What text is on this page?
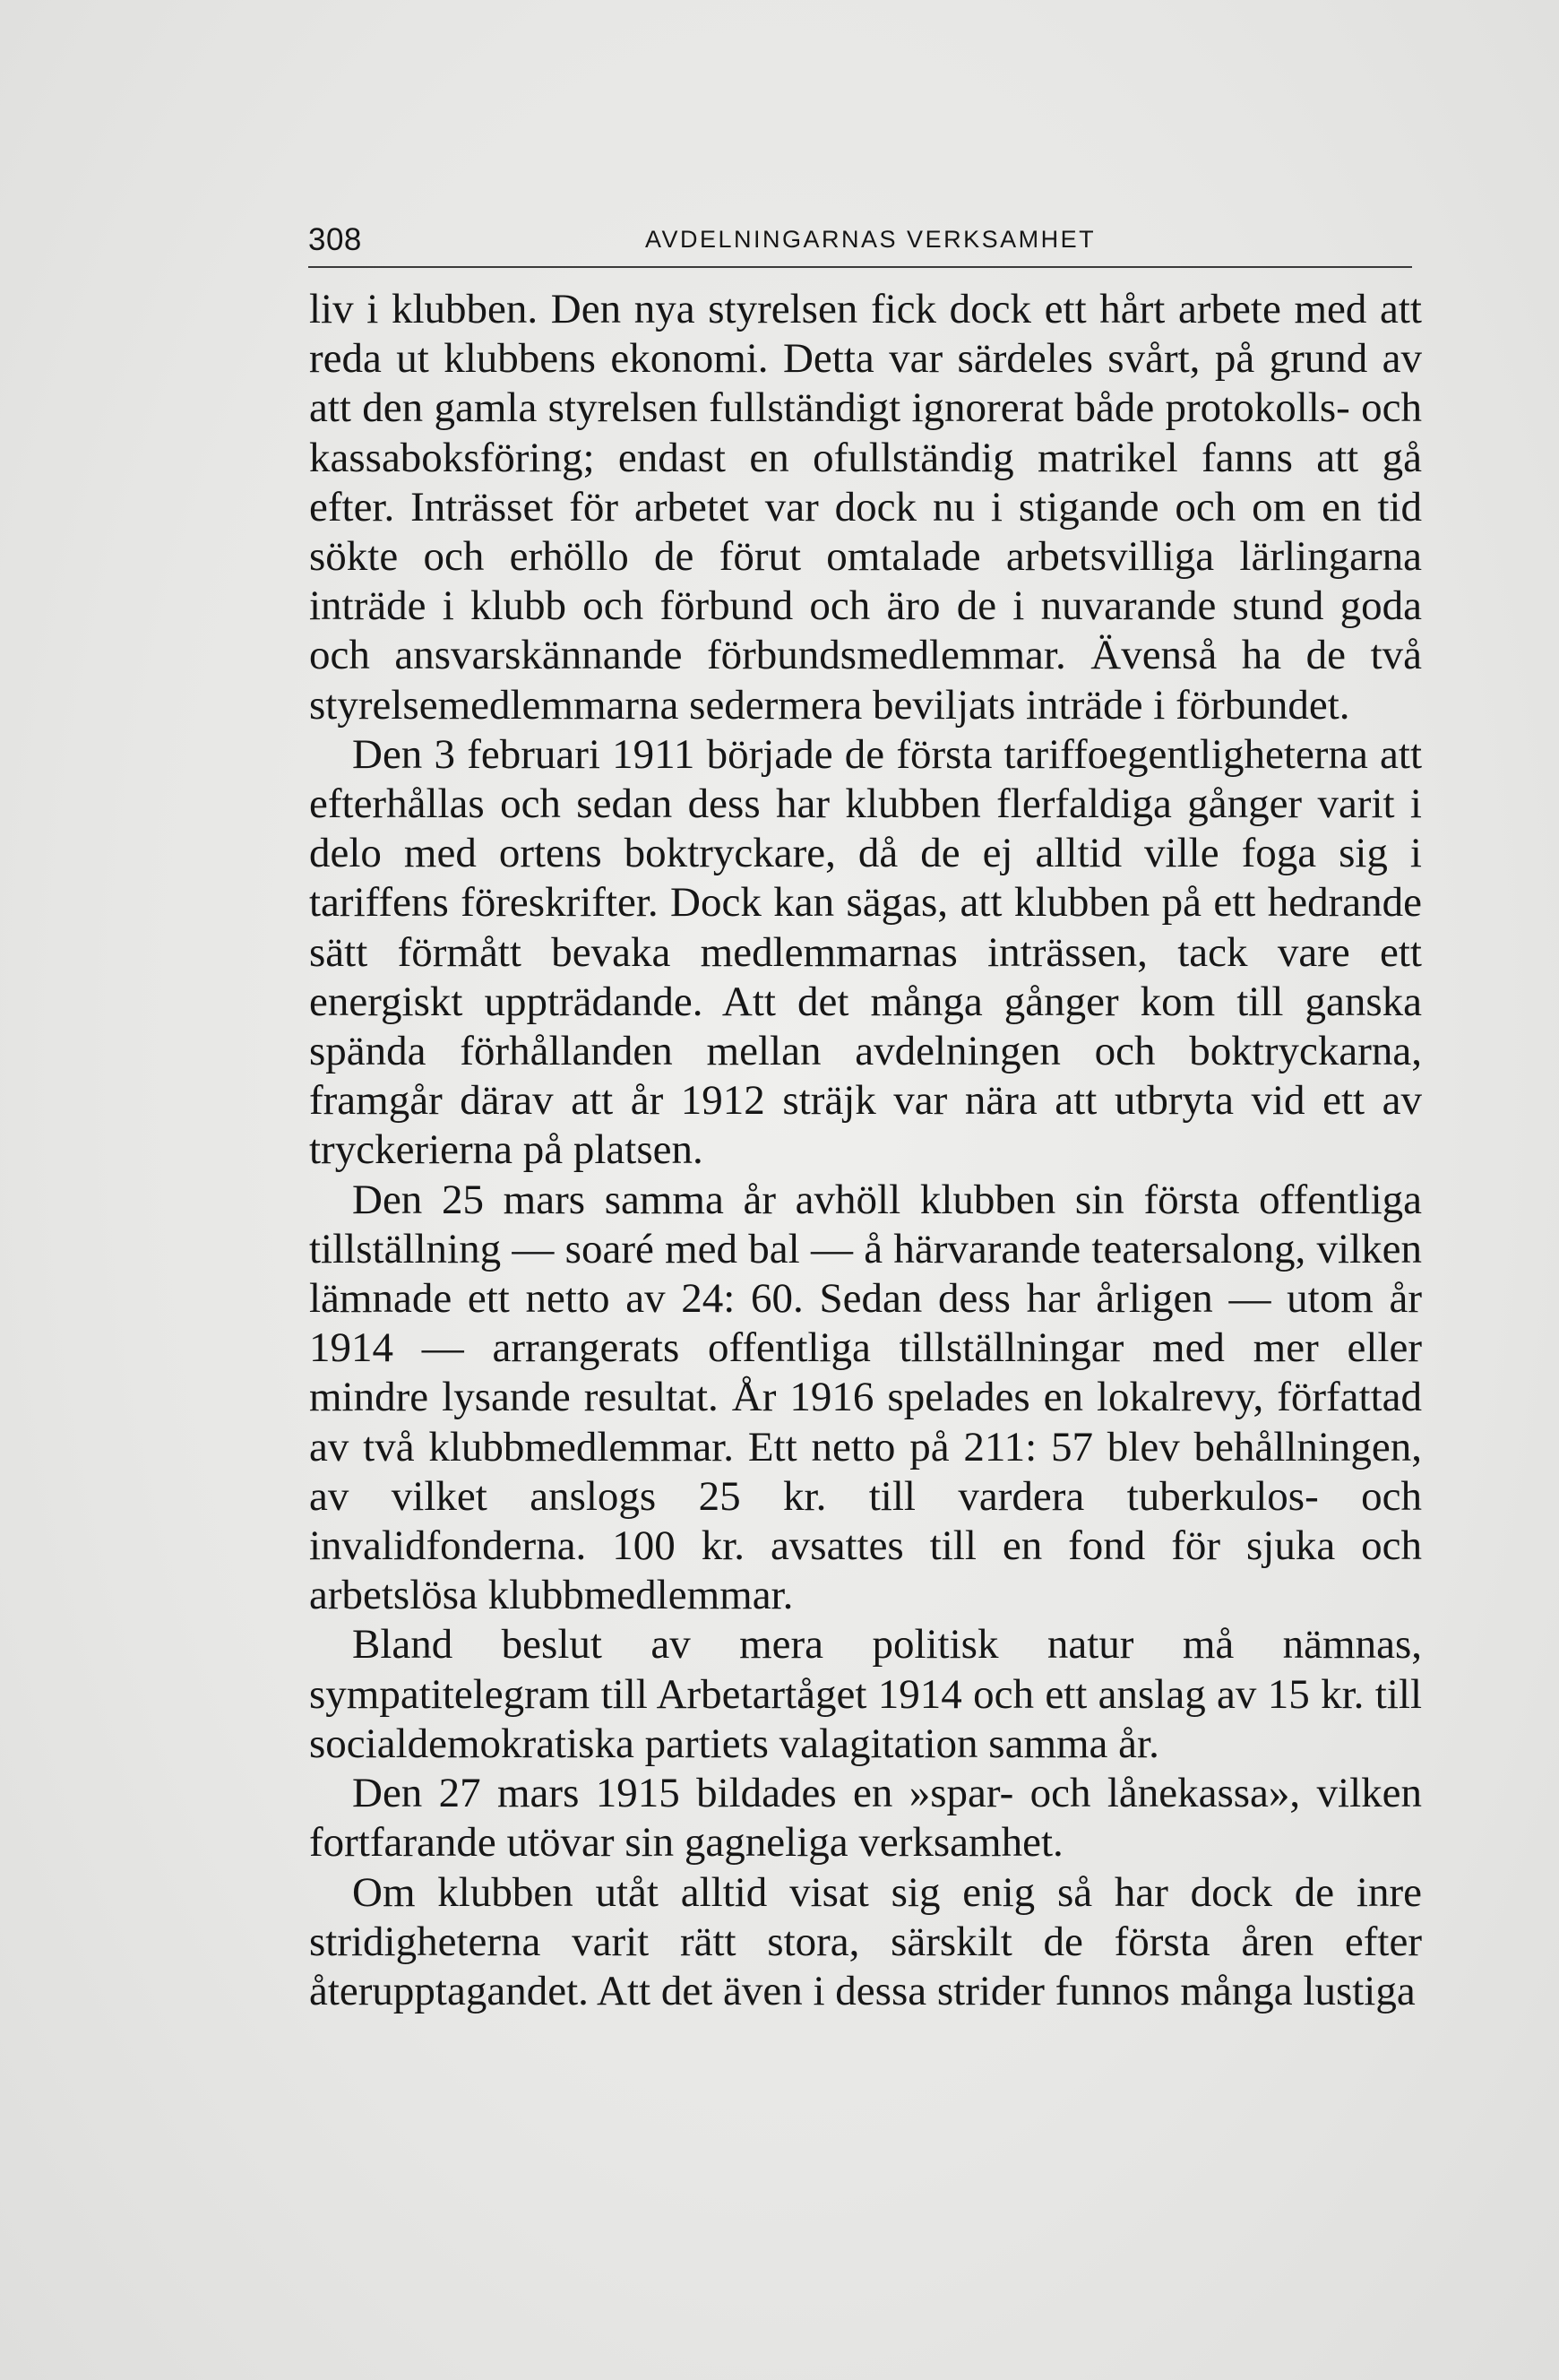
308	AVDELNINGARNAS VERKSAMHET

liv i klubben. Den nya styrelsen fick dock ett hårt arbete med att reda ut klubbens ekonomi. Detta var särdeles svårt, på grund av att den gamla styrelsen fullständigt ignorerat både protokolls- och kassaboksföring; endast en ofullständig matrikel fanns att gå efter. Inträsset för arbetet var dock nu i stigande och om en tid sökte och erhöllo de förut omtalade arbetsvilliga lärlingarna inträde i klubb och förbund och äro de i nuvarande stund goda och ansvarskännande förbundsmedlemmar. Ävenså ha de två styrelsemedlemmarna sedermera beviljats inträde i förbundet.

Den 3 februari 1911 började de första tariffoegentligheterna att efterhållas och sedan dess har klubben flerfaldiga gånger varit i delo med ortens boktryckare, då de ej alltid ville foga sig i tariffens föreskrifter. Dock kan sägas, att klubben på ett hedrande sätt förmått bevaka medlemmarnas inträssen, tack vare ett energiskt uppträdande. Att det många gånger kom till ganska spända förhållanden mellan avdelningen och boktryckarna, framgår därav att år 1912 sträjk var nära att utbryta vid ett av tryckerierna på platsen.

Den 25 mars samma år avhöll klubben sin första offentliga tillställning — soaré med bal — å härvarande teatersalong, vilken lämnade ett netto av 24: 60. Sedan dess har årligen — utom år 1914 — arrangerats offentliga tillställningar med mer eller mindre lysande resultat. År 1916 spelades en lokalrevy, författad av två klubbmedlemmar. Ett netto på 211: 57 blev behållningen, av vilket anslogs 25 kr. till vardera tuberkulos- och invalidfonderna. 100 kr. avsattes till en fond för sjuka och arbetslösa klubbmedlemmar.

Bland beslut av mera politisk natur må nämnas, sympatitelegram till Arbetartåget 1914 och ett anslag av 15 kr. till socialdemokratiska partiets valagitation samma år.

Den 27 mars 1915 bildades en »spar- och lånekassa», vilken fortfarande utövar sin gagneliga verksamhet.

Om klubben utåt alltid visat sig enig så har dock de inre stridigheterna varit rätt stora, särskilt de första åren efter återupptagandet. Att det även i dessa strider funnos många lustiga
